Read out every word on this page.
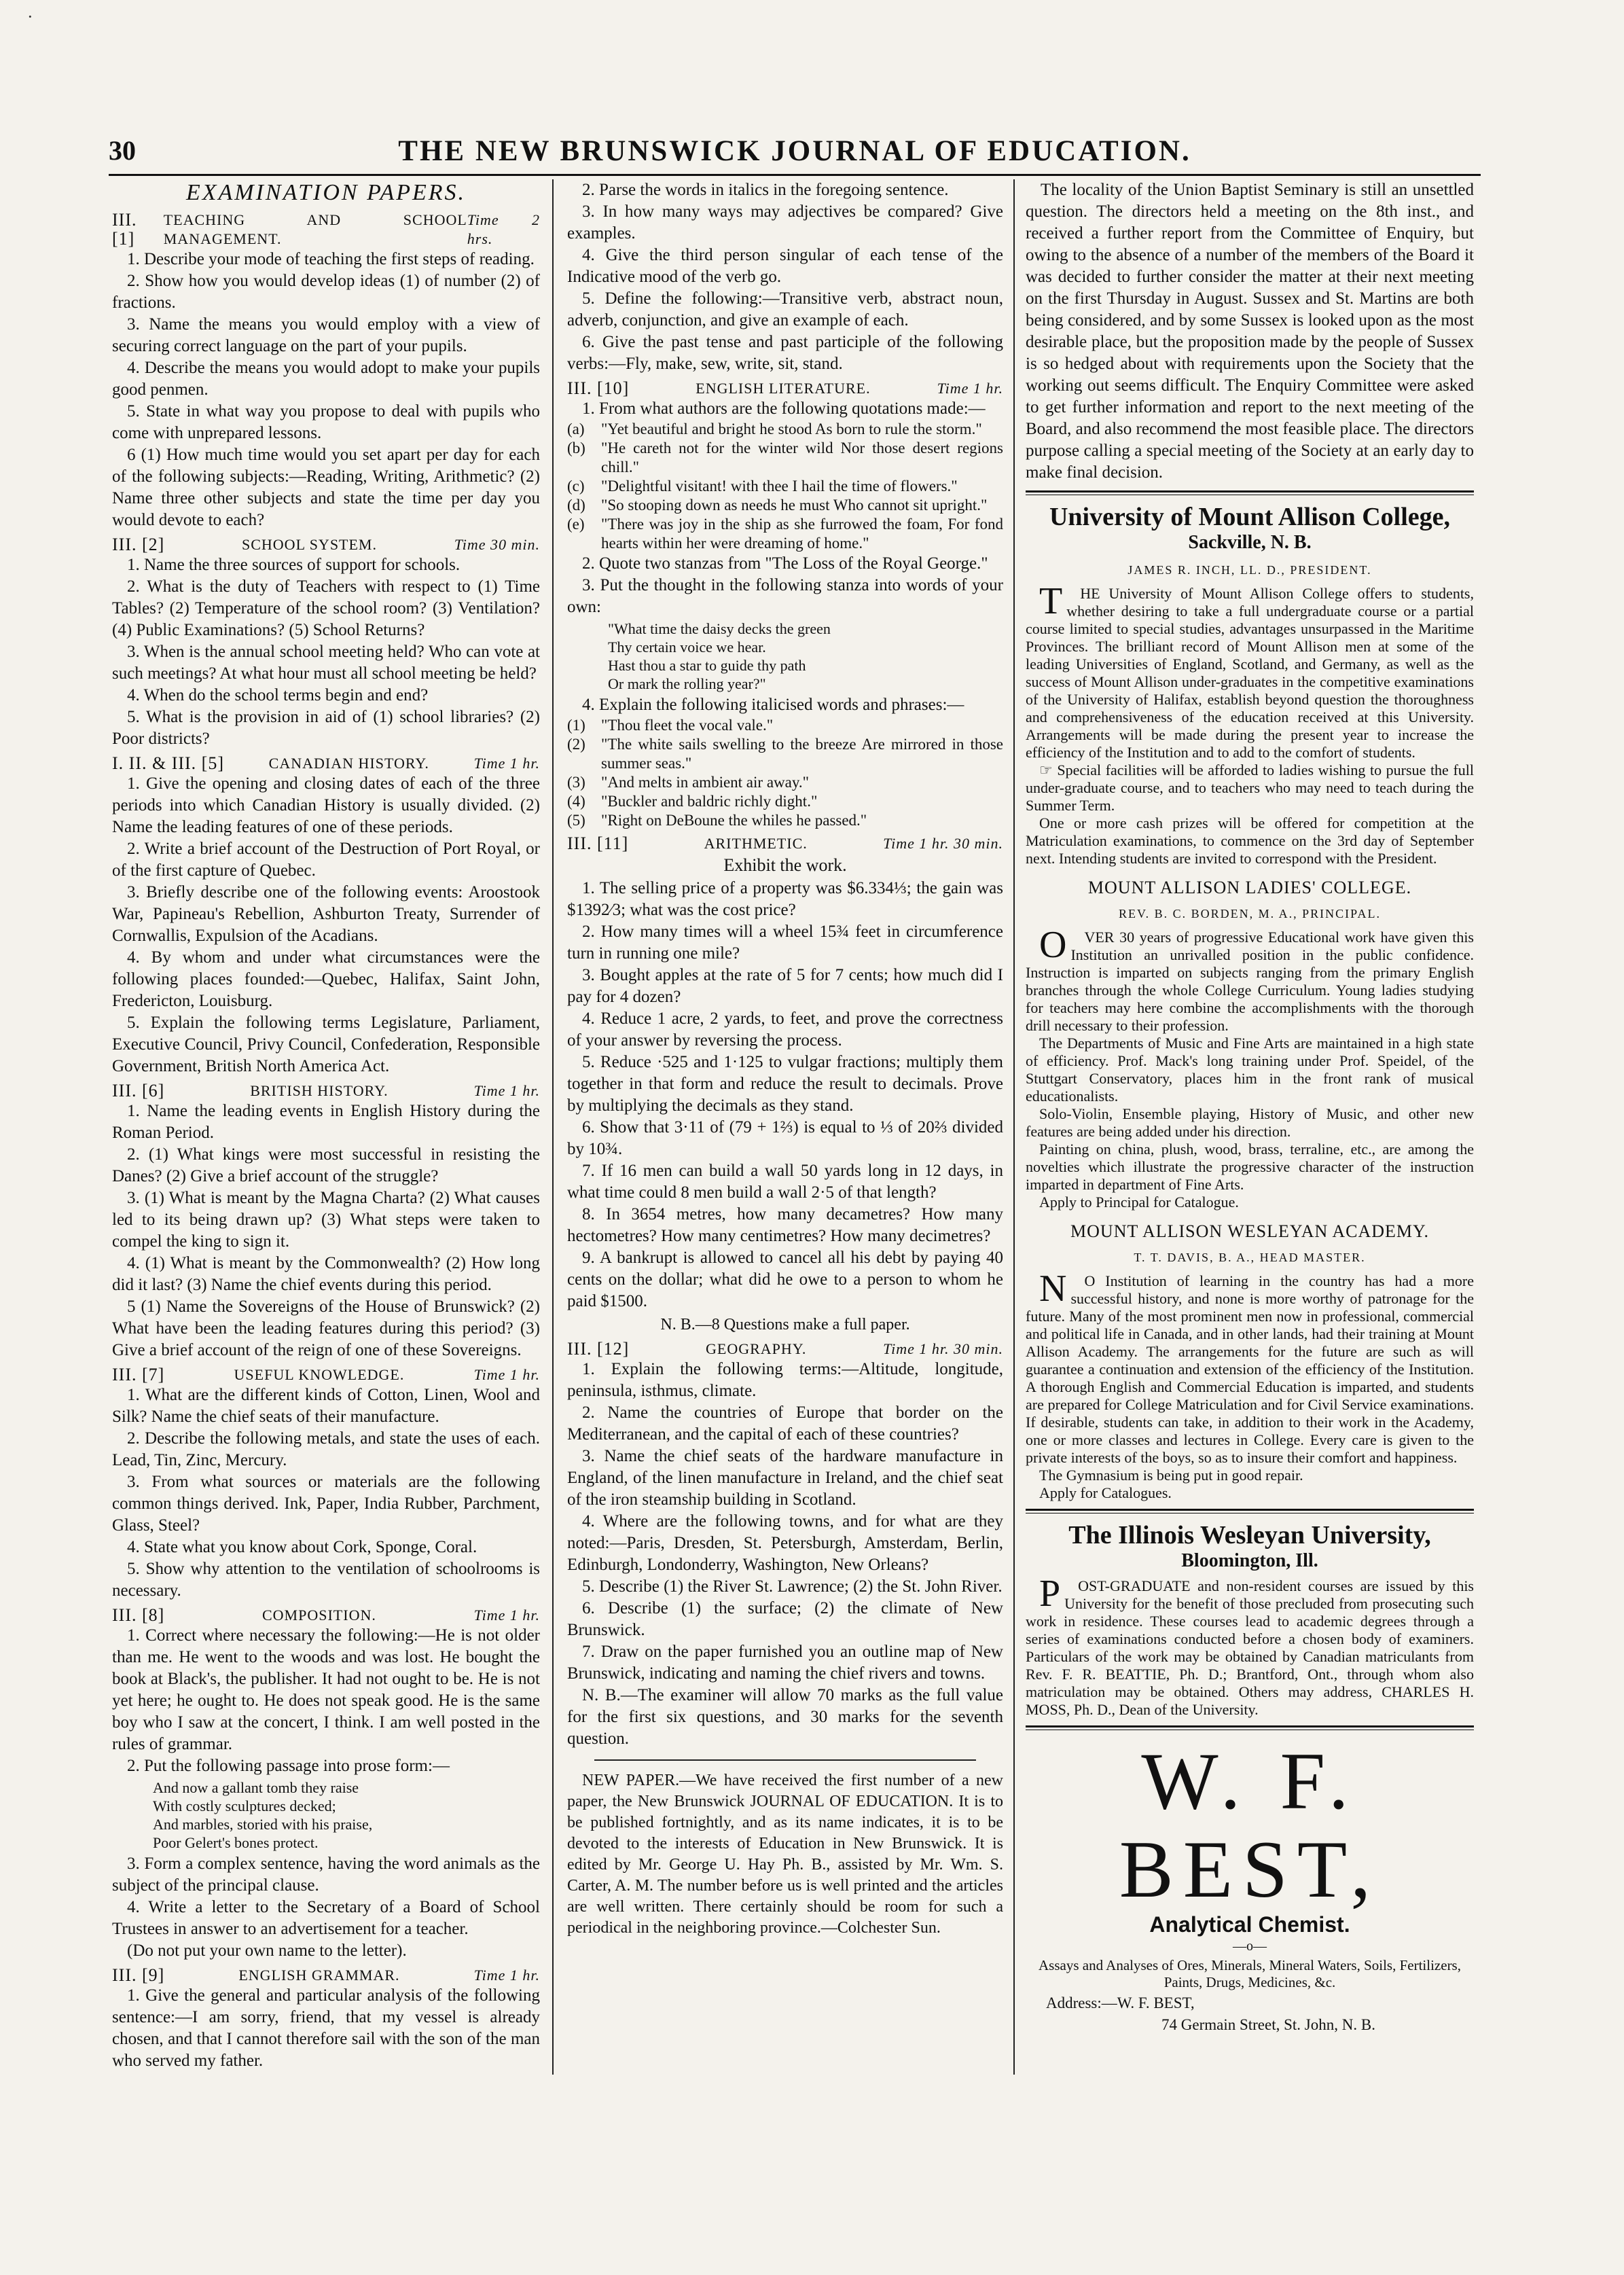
30	THE NEW BRUNSWICK JOURNAL OF EDUCATION.
EXAMINATION PAPERS.
III. [1]
TEACHING AND SCHOOL MANAGEMENT.
Time 2 hrs.

1. Describe your mode of teaching the first steps of reading.

2. Show how you would develop ideas (1) of number (2) of fractions.

3. Name the means you would employ with a view of securing correct language on the part of your pupils.

4. Describe the means you would adopt to make your pupils good penmen.

5. State in what way you propose to deal with pupils who come with unprepared lessons.

6 (1) How much time would you set apart per day for each of the following subjects:—Reading, Writing, Arithmetic? (2) Name three other subjects and state the time per day you would devote to each?

III. [2]	SCHOOL SYSTEM.	Time 30 min.

1. Name the three sources of support for schools.

2. What is the duty of Teachers with respect to (1) Time Tables? (2) Temperature of the school room? (3) Ventilation? (4) Public Examinations? (5) School Returns?

3. When is the annual school meeting held? Who can vote at such meetings? At what hour must all school meeting be held?

4. When do the school terms begin and end?

5. What is the provision in aid of (1) school libraries? (2) Poor districts?

I. II. & III. [5]	CANADIAN HISTORY.	Time 1 hr.

1. Give the opening and closing dates of each of the three periods into which Canadian History is usually divided. (2) Name the leading features of one of these periods.

2. Write a brief account of the Destruction of Port Royal, or of the first capture of Quebec.

3. Briefly describe one of the following events: Aroostook War, Papineau's Rebellion, Ashburton Treaty, Surrender of Cornwallis, Expulsion of the Acadians.

4. By whom and under what circumstances were the following places founded:—Quebec, Halifax, Saint John, Fredericton, Louisburg.

5. Explain the following terms Legislature, Parliament, Executive Council, Privy Council, Confederation, Responsible Government, British North America Act.

III. [6]	BRITISH HISTORY.	Time 1 hr.

1. Name the leading events in English History during the Roman Period.

2. (1) What kings were most successful in resisting the Danes? (2) Give a brief account of the struggle?

3. (1) What is meant by the Magna Charta? (2) What causes led to its being drawn up? (3) What steps were taken to compel the king to sign it.

4. (1) What is meant by the Commonwealth? (2) How long did it last? (3) Name the chief events during this period.

5 (1) Name the Sovereigns of the House of Brunswick? (2) What have been the leading features during this period? (3) Give a brief account of the reign of one of these Sovereigns.

III. [7]	USEFUL KNOWLEDGE.	Time 1 hr.

1. What are the different kinds of Cotton, Linen, Wool and Silk? Name the chief seats of their manufacture.

2. Describe the following metals, and state the uses of each. Lead, Tin, Zinc, Mercury.

3. From what sources or materials are the following common things derived. Ink, Paper, India Rubber, Parchment, Glass, Steel?

4. State what you know about Cork, Sponge, Coral.

5. Show why attention to the ventilation of schoolrooms is necessary.

III. [8]	COMPOSITION.	Time 1 hr.

1. Correct where necessary the following:—He is not older than me. He went to the woods and was lost. He bought the book at Black's, the publisher. It had not ought to be. He is not yet here; he ought to. He does not speak good. He is the same boy who I saw at the concert, I think. I am well posted in the rules of grammar.

2. Put the following passage into prose form:—

And now a gallant tomb they raise
With costly sculptures decked;
And marbles, storied with his praise,
Poor Gelert's bones protect.

3. Form a complex sentence, having the word animals as the subject of the principal clause.

4. Write a letter to the Secretary of a Board of School Trustees in answer to an advertisement for a teacher.

(Do not put your own name to the letter).

III. [9]	ENGLISH GRAMMAR.	Time 1 hr.

1. Give the general and particular analysis of the following sentence:—I am sorry, friend, that my vessel is already chosen, and that I cannot therefore sail with the son of the man who served my father.

2. Parse the words in italics in the foregoing sentence.

3. In how many ways may adjectives be compared? Give examples.

4. Give the third person singular of each tense of the Indicative mood of the verb go.

5. Define the following:—Transitive verb, abstract noun, adverb, conjunction, and give an example of each.

6. Give the past tense and past participle of the following verbs:—Fly, make, sew, write, sit, stand.

III. [10]	ENGLISH LITERATURE.	Time 1 hr.

1. From what authors are the following quotations made:—

(a)	"Yet beautiful and bright he stood As born to rule the storm."
(b)	"He careth not for the winter wild Nor those desert regions chill."
(c)	"Delightful visitant! with thee I hail the time of flowers."
(d)	"So stooping down as needs he must Who cannot sit upright."
(e)	"There was joy in the ship as she furrowed the foam, For fond hearts within her were dreaming of home."

2. Quote two stanzas from "The Loss of the Royal George."

3. Put the thought in the following stanza into words of your own:

"What time the daisy decks the green
Thy certain voice we hear.
Hast thou a star to guide thy path
Or mark the rolling year?"

4. Explain the following italicised words and phrases:—

(1)	"Thou fleet the vocal vale."
(2)	"The white sails swelling to the breeze Are mirrored in those summer seas."
(3)	"And melts in ambient air away."
(4)	"Buckler and baldric richly dight."
(5)	"Right on DeBoune the whiles he passed."
III. [11]	ARITHMETIC.	Time 1 hr. 30 min.
Exhibit the work.

1. The selling price of a property was $6.334⅓; the gain was $1392⁄3; what was the cost price?

2. How many times will a wheel 15¾ feet in circumference turn in running one mile?

3. Bought apples at the rate of 5 for 7 cents; how much did I pay for 4 dozen?

4. Reduce 1 acre, 2 yards, to feet, and prove the correctness of your answer by reversing the process.

5. Reduce ·525 and 1·125 to vulgar fractions; multiply them together in that form and reduce the result to decimals. Prove by multiplying the decimals as they stand.

6. Show that 3·11 of (79 + 1⅔) is equal to ⅓ of 20⅔ divided by 10¾.

7. If 16 men can build a wall 50 yards long in 12 days, in what time could 8 men build a wall 2·5 of that length?

8. In 3654 metres, how many decametres? How many hectometres? How many centimetres? How many decimetres?

9. A bankrupt is allowed to cancel all his debt by paying 40 cents on the dollar; what did he owe to a person to whom he paid $1500.

N. B.—8 Questions make a full paper.
III. [12]	GEOGRAPHY.	Time 1 hr. 30 min.

1. Explain the following terms:—Altitude, longitude, peninsula, isthmus, climate.

2. Name the countries of Europe that border on the Mediterranean, and the capital of each of these countries?

3. Name the chief seats of the hardware manufacture in England, of the linen manufacture in Ireland, and the chief seat of the iron steamship building in Scotland.

4. Where are the following towns, and for what are they noted:—Paris, Dresden, St. Petersburgh, Amsterdam, Berlin, Edinburgh, Londonderry, Washington, New Orleans?

5. Describe (1) the River St. Lawrence; (2) the St. John River.

6. Describe (1) the surface; (2) the climate of New Brunswick.

7. Draw on the paper furnished you an outline map of New Brunswick, indicating and naming the chief rivers and towns.

N. B.—The examiner will allow 70 marks as the full value for the first six questions, and 30 marks for the seventh question.

NEW PAPER.—We have received the first number of a new paper, the New Brunswick JOURNAL OF EDUCATION. It is to be published fortnightly, and as its name indicates, it is to be devoted to the interests of Education in New Brunswick. It is edited by Mr. George U. Hay Ph. B., assisted by Mr. Wm. S. Carter, A. M. The number before us is well printed and the articles are well written. There certainly should be room for such a periodical in the neighboring province.—Colchester Sun.

The locality of the Union Baptist Seminary is still an unsettled question. The directors held a meeting on the 8th inst., and received a further report from the Committee of Enquiry, but owing to the absence of a number of the members of the Board it was decided to further consider the matter at their next meeting on the first Thursday in August. Sussex and St. Martins are both being considered, and by some Sussex is looked upon as the most desirable place, but the proposition made by the people of Sussex is so hedged about with requirements upon the Society that the working out seems difficult. The Enquiry Committee were asked to get further information and report to the next meeting of the Board, and also recommend the most feasible place. The directors purpose calling a special meeting of the Society at an early day to make final decision.

University of Mount Allison College,
Sackville, N. B.
JAMES R. INCH, LL. D., PRESIDENT.

THE University of Mount Allison College offers to students, whether desiring to take a full undergraduate course or a partial course limited to special studies, advantages unsurpassed in the Maritime Provinces. The brilliant record of Mount Allison men at some of the leading Universities of England, Scotland, and Germany, as well as the success of Mount Allison under-graduates in the competitive examinations of the University of Halifax, establish beyond question the thoroughness and comprehensiveness of the education received at this University. Arrangements will be made during the present year to increase the efficiency of the Institution and to add to the comfort of students.

☞ Special facilities will be afforded to ladies wishing to pursue the full under-graduate course, and to teachers who may need to teach during the Summer Term.

One or more cash prizes will be offered for competition at the Matriculation examinations, to commence on the 3rd day of September next. Intending students are invited to correspond with the President.

MOUNT ALLISON LADIES' COLLEGE.
REV. B. C. BORDEN, M. A., PRINCIPAL.

OVER 30 years of progressive Educational work have given this Institution an unrivalled position in the public confidence. Instruction is imparted on subjects ranging from the primary English branches through the whole College Curriculum. Young ladies studying for teachers may here combine the accomplishments with the thorough drill necessary to their profession.

The Departments of Music and Fine Arts are maintained in a high state of efficiency. Prof. Mack's long training under Prof. Speidel, of the Stuttgart Conservatory, places him in the front rank of musical educationalists.

Solo-Violin, Ensemble playing, History of Music, and other new features are being added under his direction.

Painting on china, plush, wood, brass, terraline, etc., are among the novelties which illustrate the progressive character of the instruction imparted in department of Fine Arts.

Apply to Principal for Catalogue.

MOUNT ALLISON WESLEYAN ACADEMY.
T. T. DAVIS, B. A., HEAD MASTER.

NO Institution of learning in the country has had a more successful history, and none is more worthy of patronage for the future. Many of the most prominent men now in professional, commercial and political life in Canada, and in other lands, had their training at Mount Allison Academy. The arrangements for the future are such as will guarantee a continuation and extension of the efficiency of the Institution. A thorough English and Commercial Education is imparted, and students are prepared for College Matriculation and for Civil Service examinations. If desirable, students can take, in addition to their work in the Academy, one or more classes and lectures in College. Every care is given to the private interests of the boys, so as to insure their comfort and happiness.

The Gymnasium is being put in good repair.

Apply for Catalogues.

The Illinois Wesleyan University,
Bloomington, Ill.

POST-GRADUATE and non-resident courses are issued by this University for the benefit of those precluded from prosecuting such work in residence. These courses lead to academic degrees through a series of examinations conducted before a chosen body of examiners. Particulars of the work may be obtained by Canadian matriculants from Rev. F. R. BEATTIE, Ph. D.; Brantford, Ont., through whom also matriculation may be obtained. Others may address, CHARLES H. MOSS, Ph. D., Dean of the University.

W. F. BEST,
Analytical Chemist.
—o—

Assays and Analyses of Ores, Minerals, Mineral Waters, Soils, Fertilizers, Paints, Drugs, Medicines, &c.

Address:—W. F. BEST,
74 Germain Street, St. John, N. B.
·
